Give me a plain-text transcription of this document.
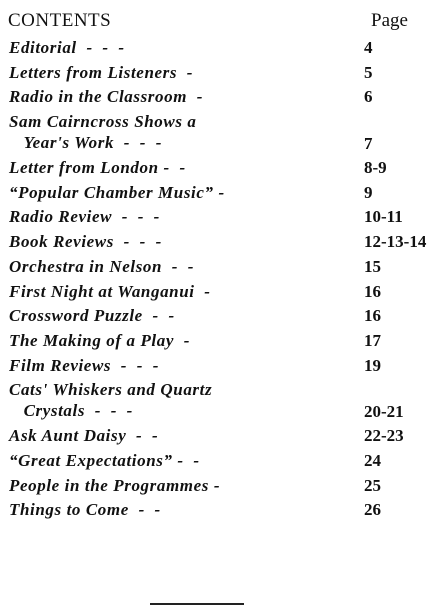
CONTENTS	Page
Editorial  -  -  -	4
Letters from Listeners  -	5
Radio in the Classroom  -	6
Sam Cairncross Shows a
Year's Work  -  -  -	7
Letter from London -  -	8-9
“Popular Chamber Music” -	9
Radio Review  -  -  -	10-11
Book Reviews  -  -  -	12-13-14
Orchestra in Nelson  -  -	15
First Night at Wanganui  -	16
Crossword Puzzle  -  -	16
The Making of a Play  -	17
Film Reviews  -  -  -	19
Cats' Whiskers and Quartz
Crystals  -  -  -	20-21
Ask Aunt Daisy  -  -	22-23
“Great Expectations” -  -	24
People in the Programmes -	25
Things to Come  -  -	26
